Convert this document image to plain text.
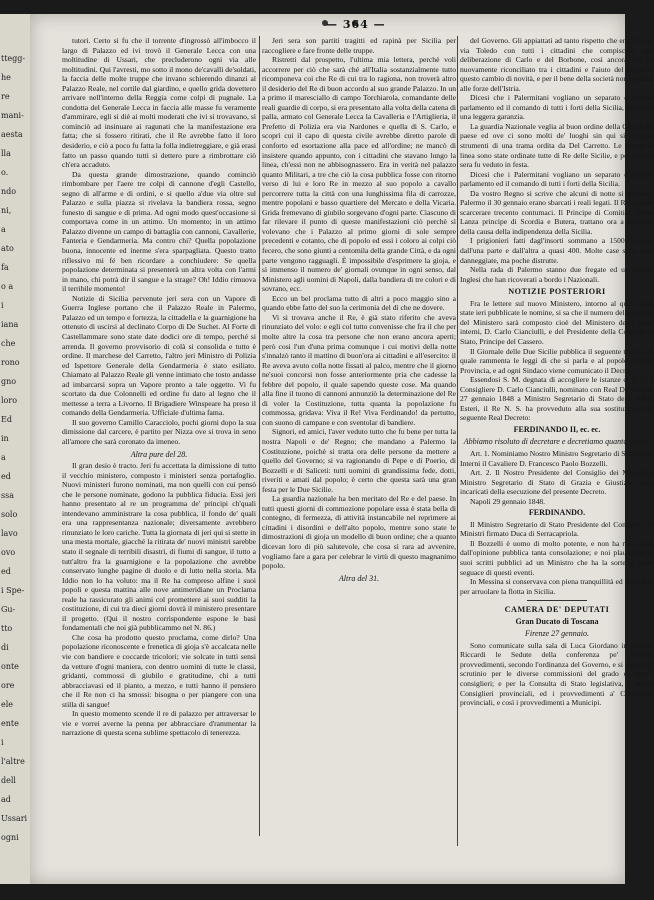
ttegg-
he
re
mani-
aesta
lla
o.
ndo
ni,
a
ato
fa
o a
i
iana
che
rono
gno
loro
Ed
in
a
ed
ssa
solo
lavo
ovo
ed
i Spe-
Gu-
tto
di
onte
ore
ele
ente
i
l'altre
dell
ad
Ussari
ogni
— 364 —

tutori. Certo si fu che il torrente d'ingrossò all'imbocco il largo di Palazzo ed ivi trovò il Generale Lecca con una moltitudine di Ussari, che precluderono ogni via alle moltitudini. Qui l'avresti, mo sotto il mono de'cavalli de'soldati, la faccia delle molte truppe che invano schierendo dinanzi al Palazzo Reale, nel cortile dal giardino, e quello grida dovettero arrivare nell'interno della Reggia come colpi di pugnale. La condotta del Generale Lecca in faccia alle masse fu veramente d'ammirare, egli si diè ai molti moderati che ivi si trovavano, sì cominciò ad insinuare ai ragunati che la manifestazione era fatta; che si fossero ritirati, che il Re avrebbe fatto il loro desiderio, e ciò a poco fu fatta la folla indietreggiare, e già erasi fatto un passo quando tutti si dettero pure a rimbrottare ciò ch'era accaduto.

Da questa grande dimostrazione, quando cominciò rimbombare per l'aere tre colpi di cannone d'egli Castello, segno di all'arme e di ordini, e si quello a'due via oltre sul Palazzo e sulla piazza si rivelava la bandiera rossa, segno funesto di sangue e di prima. Ad ogni modo quest'occasione si comportava come in un attimo. Un momento; in un attimo Palazzo divenne un campo di battaglia con cannoni, Cavallerie, Fanteria e Gendarmeria. Ma contro chi? Quella popolazione buona, innocente ed inerme s'era sparpagliata. Questo tratto riflessivo mi fé ben ricordare a conchiudere: Se quella popolazione determinata si presenterà un altra volta con l'armi in mano, chi potrà dir il sangue e la strage? Oh! Iddio rimuova il terribile momento!

Notizie di Sicilia pervenute jeri sera con un Vapore di Guerra Inglese portano che il Palazzo Reale in Palermo, Palazzo ed un tempo e fortezza, la cittadella e la guarnigione ha ottenuto di uscirsi al declinato Corpo di De Suchet. Al Forte di Castellammare sono state date dodici ore di tempo, perché si arrenda. Il governo provvisorio di colà si consolida e tutto è ordine. Il marchese del Carretto, l'altro jeri Ministro di Polizia ed Ispettore Generale della Gendarmeria è stato esiliato. Chiamato al Palazzo Reale gli venne intimato che tosto andasse ad imbarcarsi sopra un Vapore pronto a tale oggetto. Vi fu scortato da due Colonnelli ed ordine fu dato al legno che il mettesse a terra a Livorno. Il Brigadiere Winspeare ha preso il comando della Gendarmeria. Ufficiale d'ultima fama.

Il suo governo Camillo Caracciolo, pochi giorni dopo la sua dimissione dal carcere, è partito per Nizza ove si trova in seno all'amore che sarà coronato da imeneo.

Altra pure del 28.

Il gran desio è tracto. Jeri fu accettata la dimissione di tutto il vecchio ministero, composto i ministeri senza portafoglio. Nuovi ministeri furono nominati, ma non quelli con cui pensò che le persone nominate, godono la pubblica fiducia. Essi jeri hanno presentato al re un programma de' principi ch'quali intendevano amministrare la cosa pubblica, il fondo de' quali era una rappresentanza nazionale; diversamente avrebbero rinunziato le loro cariche. Tutta la giornata di jeri qui si stette in una mesta mortale, giacché la ritirata de' nuovi ministri sarebbe stato il segnale di terribili disastri, di fiumi di sangue, il tutto a tutt'altro fra la guarnigione e la popolazione che avrebbe conservato lunghe pagine di duolo e di lutto nella storia. Ma Iddio non lo ha voluto: ma il Re ha compreso alfine i suoi popoli e questa mattina alle nove antimeridiane un Proclama reale ha rassicurato gli animi col promettere ai suoi sudditi la costituzione, di cui tra dieci giorni dovrà il ministero presentare il progetto. (Qui il nostro corrispondente espone le basi fondamentali che noi già pubblicammo nel N. 86.)

Che cosa ha prodotto questo proclama, come dirlo? Una popolazione riconoscente e frenetica di gioja s'è accalcata nelle vie con bandiere e coccarde tricolori; vie solcate in tutti sensi da vetture d'ogni maniera, con dentro uomini di tutte le classi, gridanti, commossi di giubilo e gratitudine, chi a tutti abbracciavasi ed il pianto, a mezzo, e tutti hanno il pensiero che il Re non ci ha smossi: bisogna o per piangere con una stilla di sangue!

In questo momento scende il re di palazzo per attraversar le vie e vorrei averne la penna per abbracciare d'rammentar la narrazione di questa scena sublime spettacolo di tenerezza.

Jeri sera son partiti tragitti ed rapinà per Sicilia per raccogliere e fare fronte delle truppe.

Ristretti dal prospetto, l'ultima mia lettera, perchè voli accorrere per ciò che sarà ché all'Italia sostanzialmente tutto ricomponeva coi che Re di cui tra lo ragiona, non troverà altro il desiderio del Re di buon accordo al suo grande Palazzo. In un a primo il maresciallo di campo Torchiarola, comandante delle reali guardie di corpo, si era presentato alla volta della catena di palla, armato col Generale Lecca la Cavalleria e l'Artiglieria, il Prefetto di Polizia era via Nardones e quella di S. Carlo, e scoprì cui il capo di questa civile avrebbe diretto parole di conforto ed esortazione alla pace ed all'ordine; ne mancò di insistere quando appunto, con i cittadini che stavano lungo la linea, ch'essi non ne abbisognassero. Era in verità nel palazzo quanto Militari, a tre che ciò la cosa pubblica fosse con ritorno verso di lui e loro Re in mezzo al suo popolo a cavallo percorrere tutta la città con una lunghissima fila di carrozze, mentre popolani e basso quartiere del Mercato e della Vicaria. Grida fremevano di giubilo sorgevano d'ogni parte. Ciascuno di far rilevare il punto di queste manifestazioni ciò perchè sì volevano che i Palazzo al primo giorni di sole sempre precedenti e cotanto, che di popolo ed essi i coloro ai colpi ciò fecero, che sono giunti a centomila della grande Città, e da ogni parte vengono ragguagli. È impossibile d'esprimere la gioja, e sì immenso il numero de' giornali ovunque in ogni senso, dal Ministero agli uomini di Napoli, dalla bandiera di tre colori e di sovrano, ecc.

Ecco un bel proclama tutto di altri a poco maggio sino a quando ebbe fatto del suo la cerimonia del dì che ne dovere.

Vi si trovava anche il Re, è già stato riferito che aveva rinunziato del volo: e egli col tutto convenisse che fra il che per molte altre la cosa tra persone che non erano ancora aperti; però cosi l'un d'una prima comunque i cui motivi della notte s'innalzò tanto il mattino di buon'ora ai cittadini e all'esercito: il Re aveva avuto colla notte fissati al palco, mentre che il giorno ne'suoi concorsi non fosse anteriormente pria che cadesse la febbre del popolo, il quale sapendo queste cose. Ma quando alla fine il tuono di cannoni annunziò la determinazione del Re di voler la Costituzione, tutta quanta la popolazione fu commossa, gridava: Viva il Re! Viva Ferdinando! da pertutto, con suono di campane e con sventolar di bandiere.

Signori, ed amici, l'aver veduto tutto che fu bene per tutta la nostra Napoli e de' Regno; che mandano a Palermo la Costituzione, poichè si tratta ora delle persone da mettere a quello del Governo; si va ragionando di Pepe e di Poerio, di Bozzelli e di Saliceti: tutti uomini di grandissima fede, dotti, riveriti e amati dal popolo; è certo che questa sarà una gran festa per le Due Sicilie.

La guardia nazionale ha ben meritato del Re e del paese. In tutti questi giorni di commozione popolare essa è stata bella di contegno, di fermezza, di attività instancabile nel reprimere ai cittadini i disordini e dell'alto popolo, mentre sono state le dimostrazioni di gioja un modello di buon ordine; che a quanto dicevan loro di più salutevole, che cosa sì rara ad avvenire, vogliamo fare a gara per celebrar le virtù di questo magnanimo popolo.

Altra del 31.

del Governo. Gli appiattati ad tanto rispetto che era il Re in via Toledo con tutti i cittadini che compiscano alla deliberazione di Carlo e del Borbone, così ancora dal Re nuovamente riconciliato tra i cittadini e l'aiuto del regno in questo cambio di novità, e per il bene della società non rinunzia alle forze dell'Istria.

Dicesi che i Palermitani vogliano un separato e proprio parlamento ed il comando di tutti i forti della Sicilia, mediante una leggera garanzia.

La guardia Nazionale veglia al buon ordine della Città e del paese ed ove ci sono molti de' luoghi sin qui si credono strumenti di una trama ordita da Del Carretto. Le truppe di linea sono state ordinate tutte di Re delle Sicilie, e per tutta la sera fu veduto in festa.

Dicesi che i Palermitani vogliano un separato e proprio parlamento ed il comando di tutti i forti della Sicilia.

Da vostro Regno si scrive che alcuni di notte si diresse a Palermo il 30 gennaio erano sbarcati i reali legati. Il Re ha fatto scarcerare trecento contumaci. Il Principe di Comitini, Pietro Lanza principe di Scordia e Butera, trattano ora a sostegno della causa della indipendenza della Sicilia.

I prigionieri fatti dagl'insorti sommano a 1500: i morti dall'una parte e dall'altra a quasi 400. Molte case sono state danneggiate, ma poche distrutte.

Nella rada di Palermo stanno due fregate ed un Vapore Inglesi che han ricoverati a bordo i Nazionali.

NOTIZIE POSTERIORI

Fra le lettere sul nuovo Ministero, intorno al quale sono state ieri pubblicate le nomine, si sa che il numero delle cariche del Ministero sarà composto cioè del Ministero degli affari interni, D. Carlo Cianciulli, e del Presidente della Consulta di Stato, Principe del Cassero.

Il Giornale delle Due Sicilie pubblica il seguente tenore col quale rammenta le leggi di che si parla e al popolo di ogni Provincia, e ad ogni Sindaco viene comunicato il Decreto.

Essendosi S. M. degnata di accogliere le istanze di S. E. il Consigliere D. Carlo Cianciulli, nominato con Real Decreto de' 27 gennaio 1848 a Ministro Segretario di Stato degli Affari Esteri, il Re N. S. ha provveduto alla sua sostituzione col seguente Real Decreto:

FERDINANDO II, ec. ec.

Abbiamo risoluto di decretare e decretiamo quanto segue:

Art. 1. Nominiamo Nostro Ministro Segretario di Stato degli Interni il Cavaliere D. Francesco Paolo Bozzelli.

Art. 2. Il Nostro Presidente del Consiglio dei Ministri e Ministro Segretario di Stato di Grazia e Giustizia, sono incaricati della esecuzione del presente Decreto.

Napoli 29 gennaio 1848.

FERDINANDO.

Il Ministro Segretario di Stato Presidente del Consiglio de' Ministri firmato Duca di Serracapriola.

Il Bozzelli è uomo di molto potente, e non ha mai avuto dall'opinione pubblica tanta consolazione; e noi plaudiamo ai suoi scritti pubblici ad un Ministro che ha la sorte di esser seguace di questi eventi.

In Messina si conservava con piena tranquillità ed il Re dice per arruolare la flotta in Sicilia.

CAMERA DE' DEPUTATI

Gran Ducato di Toscana

Firenze 27 gennaio.

Sono comunicate sulla sala di Luca Giordano in palazzo Riccardi le Sedute della conferenza pe' prossimi provvedimenti, secondo l'ordinanza del Governo, e si apre il 21 scrutinio per le diverse commissioni del grado di tutti i consiglieri; e per la Consulta di Stato legislativa, e perciò Consiglieri provinciali, ed i provvedimenti a' Consiglieri provinciali, e così i provvedimenti a Municipi.
